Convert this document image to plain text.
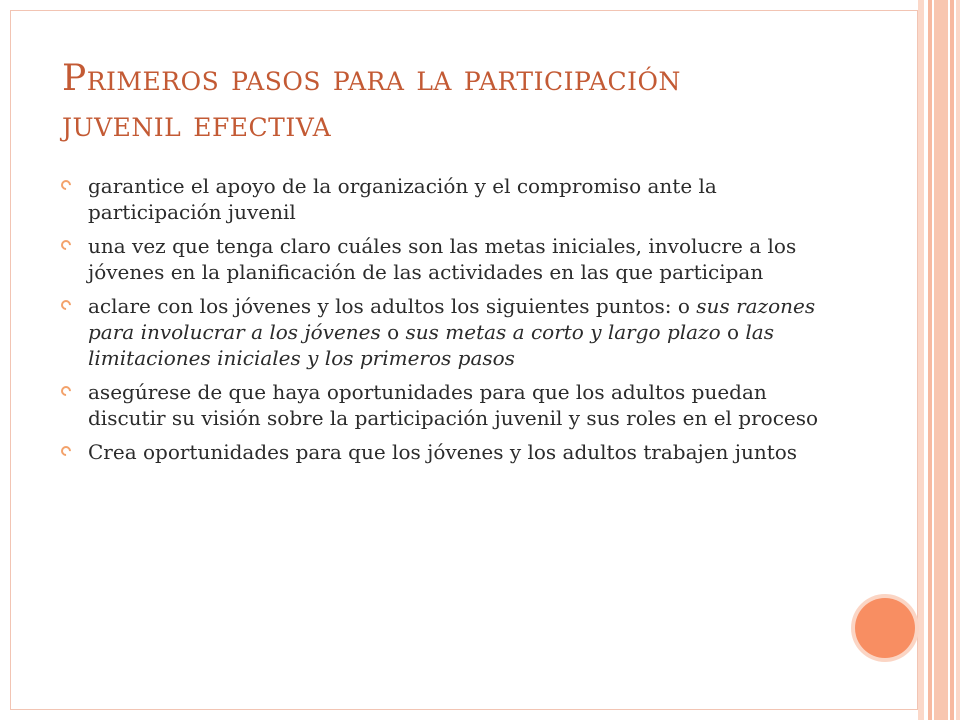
Primeros pasos para la participación
juvenil efectiva
garantice el apoyo de la organización y el compromiso ante la participación juvenil
una vez que tenga claro cuáles son las metas iniciales, involucre a los jóvenes en la planificación de las actividades en las que participan
aclare con los jóvenes y los adultos los siguientes puntos: o sus razones para involucrar a los jóvenes o sus metas a corto y largo plazo o las limitaciones iniciales y los primeros pasos
asegúrese de que haya oportunidades para que los adultos puedan discutir su visión sobre la participación juvenil y sus roles en el proceso
Crea oportunidades para que los jóvenes y los adultos trabajen juntos
